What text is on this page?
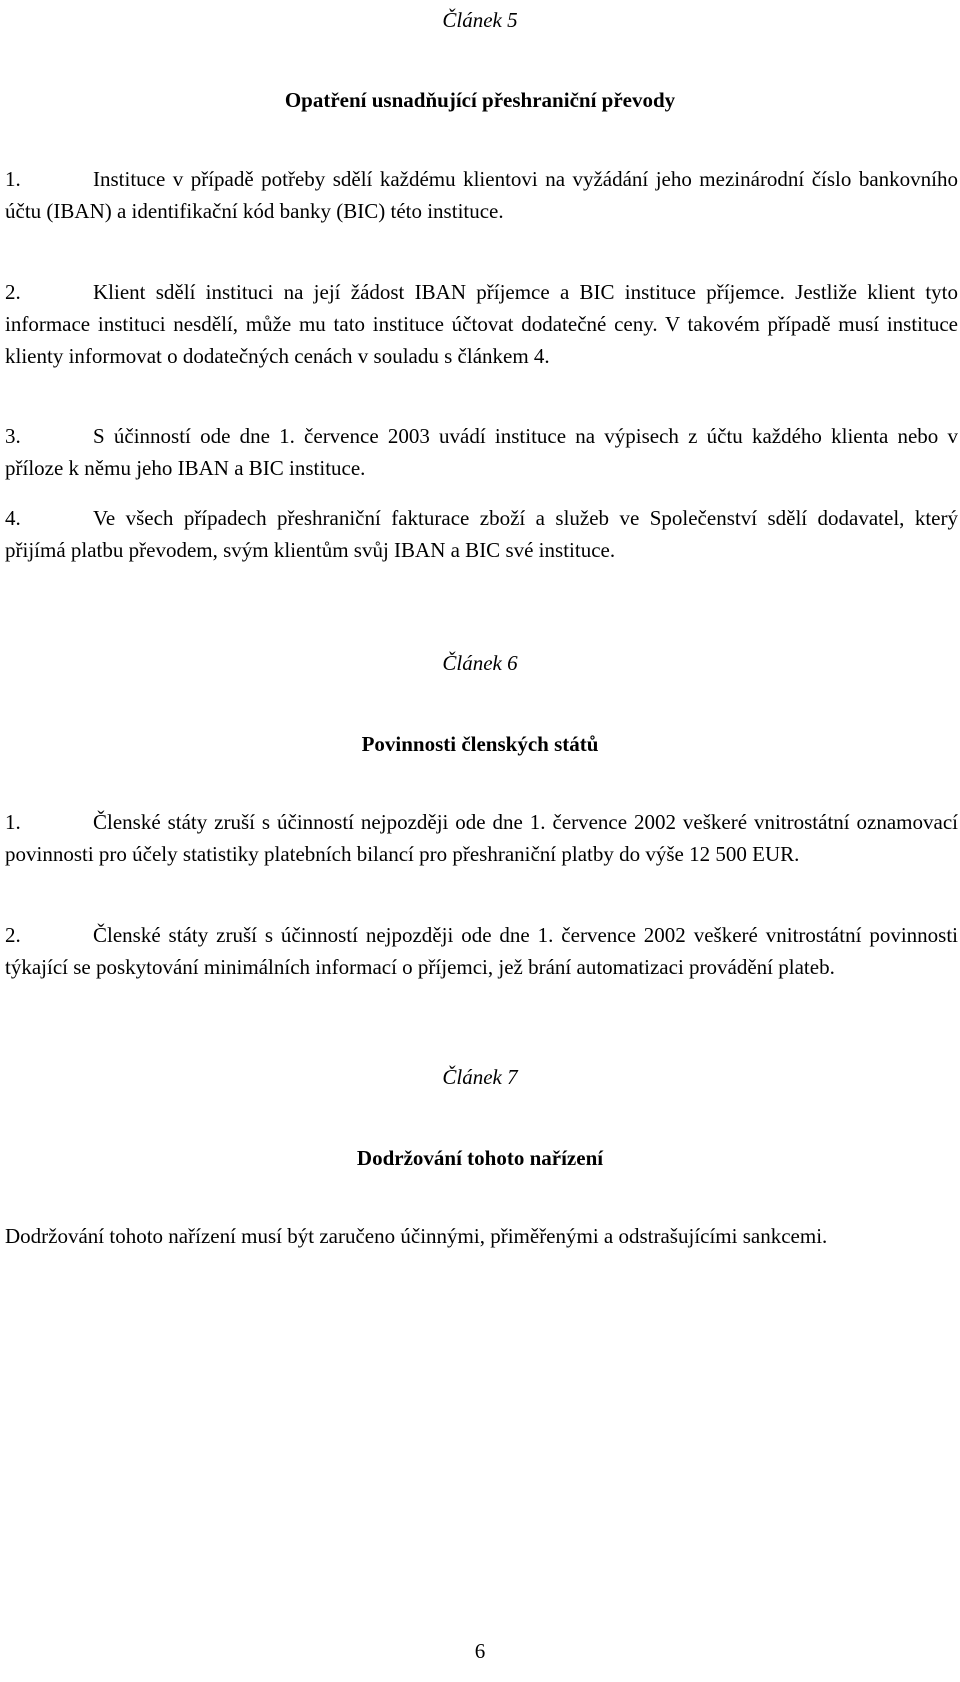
Článek 5
Opatření usnadňující přeshraniční převody
1.	Instituce v případě potřeby sdělí každému klientovi na vyžádání jeho mezinárodní číslo bankovního účtu (IBAN) a identifikační kód banky (BIC) této instituce.
2.	Klient sdělí instituci na její žádost IBAN příjemce a BIC instituce příjemce. Jestliže klient tyto informace instituci nesdělí, může mu tato instituce účtovat dodatečné ceny. V takovém případě musí instituce klienty informovat o dodatečných cenách v souladu s článkem 4.
3.	S účinností ode dne 1. července 2003 uvádí instituce na výpisech z účtu každého klienta nebo v příloze k němu jeho IBAN a BIC instituce.
4.	Ve všech případech přeshraniční fakturace zboží a služeb ve Společenství sdělí dodavatel, který přijímá platbu převodem, svým klientům svůj IBAN a BIC své instituce.
Článek 6
Povinnosti členských států
1.	Členské státy zruší s účinností nejpozději ode dne 1. července 2002 veškeré vnitrostátní oznamovací povinnosti pro účely statistiky platebních bilancí pro přeshraniční platby do výše 12 500 EUR.
2.	Členské státy zruší s účinností nejpozději ode dne 1. července 2002 veškeré vnitrostátní povinnosti týkající se poskytování minimálních informací o příjemci, jež brání automatizaci provádění plateb.
Článek 7
Dodržování tohoto nařízení
Dodržování tohoto nařízení musí být zaručeno účinnými, přiměřenými a odstrašujícími sankcemi.
6
